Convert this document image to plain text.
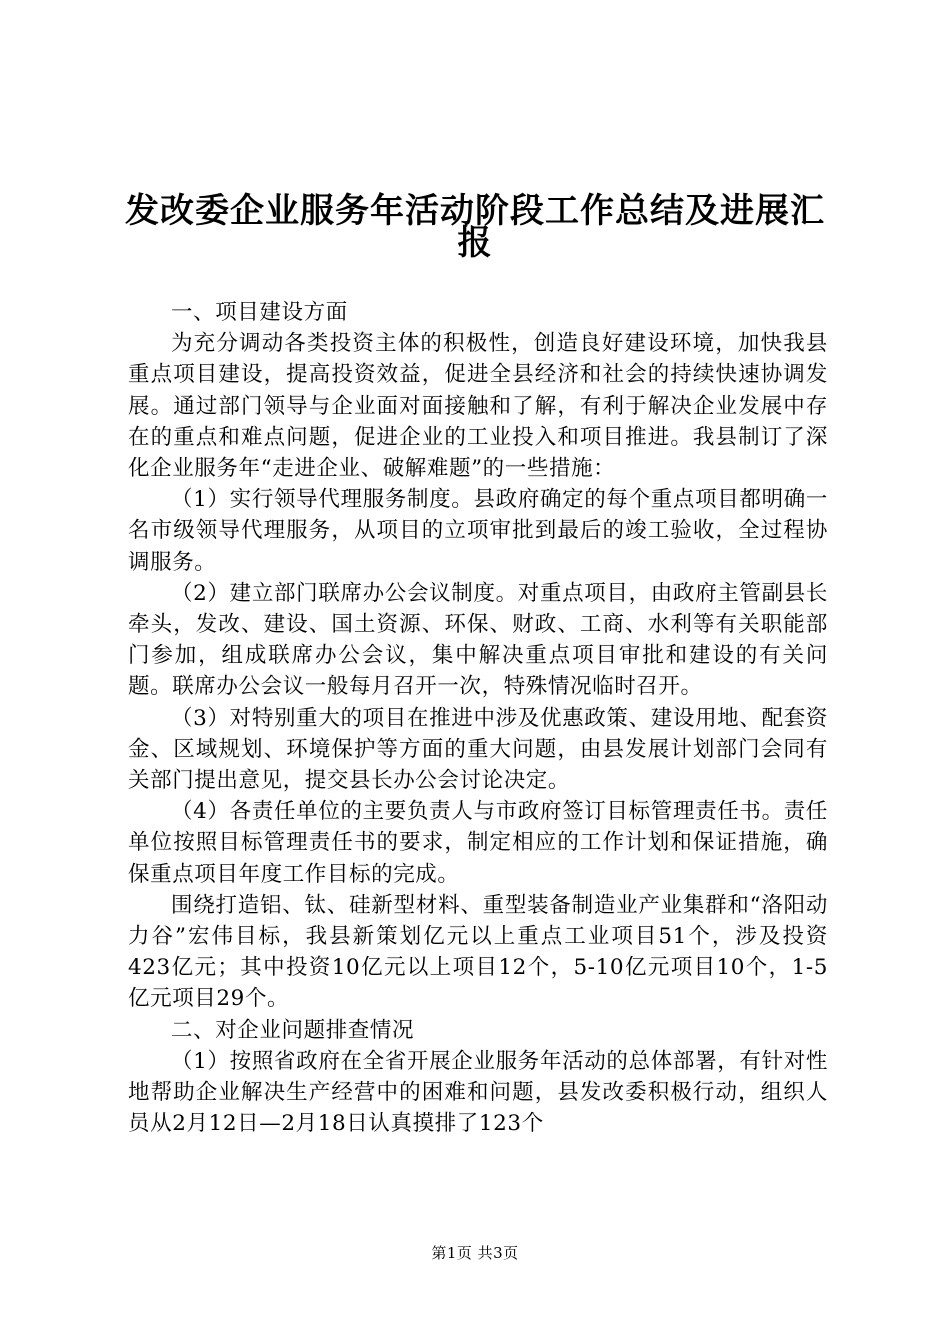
发改委企业服务年活动阶段工作总结及进展汇
报

一、项目建设方面

为充分调动各类投资主体的积极性，创造良好建设环境，加快我县重点项目建设，提高投资效益，促进全县经济和社会的持续快速协调发展。通过部门领导与企业面对面接触和了解，有利于解决企业发展中存在的重点和难点问题，促进企业的工业投入和项目推进。我县制订了深化企业服务年“走进企业、破解难题”的一些措施：

（1）实行领导代理服务制度。县政府确定的每个重点项目都明确一名市级领导代理服务，从项目的立项审批到最后的竣工验收，全过程协调服务。

（2）建立部门联席办公会议制度。对重点项目，由政府主管副县长牵头，发改、建设、国土资源、环保、财政、工商、水利等有关职能部门参加，组成联席办公会议，集中解决重点项目审批和建设的有关问题。联席办公会议一般每月召开一次，特殊情况临时召开。

（3）对特别重大的项目在推进中涉及优惠政策、建设用地、配套资金、区域规划、环境保护等方面的重大问题，由县发展计划部门会同有关部门提出意见，提交县长办公会讨论决定。

（4）各责任单位的主要负责人与市政府签订目标管理责任书。责任单位按照目标管理责任书的要求，制定相应的工作计划和保证措施，确保重点项目年度工作目标的完成。

围绕打造铝、钛、硅新型材料、重型装备制造业产业集群和“洛阳动力谷”宏伟目标，我县新策划亿元以上重点工业项目51个，涉及投资423亿元；其中投资10亿元以上项目12个，5-10亿元项目10个，1-5亿元项目29个。

二、对企业问题排查情况

（1）按照省政府在全省开展企业服务年活动的总体部署，有针对性地帮助企业解决生产经营中的困难和问题，县发改委积极行动，组织人员从2月12日—2月18日认真摸排了123个

第1页 共3页
